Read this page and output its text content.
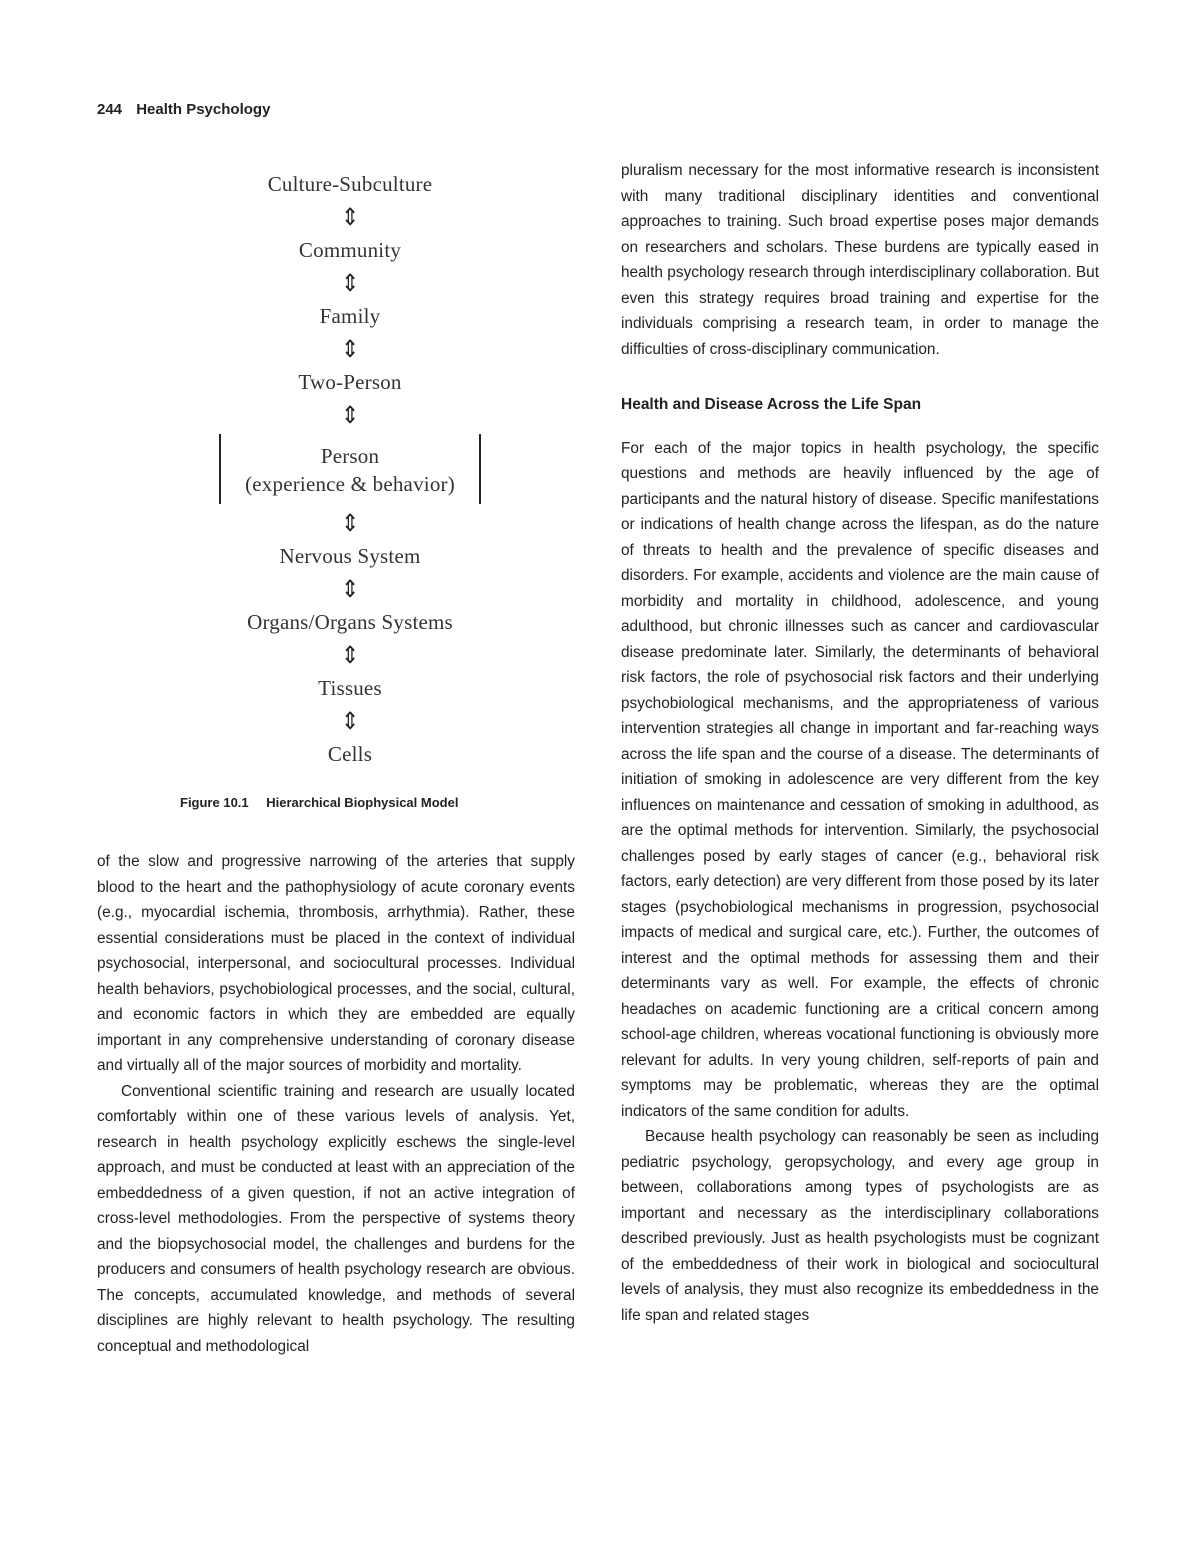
244 Health Psychology
Culture-Subculture
⇕
Community
⇕
Family
⇕
Two-Person
⇕
Person
(experience & behavior)
⇕
Nervous System
⇕
Organs/Organs Systems
⇕
Tissues
⇕
Cells
Figure 10.1 Hierarchical Biophysical Model

of the slow and progressive narrowing of the arteries that supply blood to the heart and the pathophysiology of acute coronary events (e.g., myocardial ischemia, thrombosis, arrhythmia). Rather, these essential considerations must be placed in the context of individual psychosocial, interpersonal, and sociocultural processes. Individual health behaviors, psychobiological processes, and the social, cultural, and economic factors in which they are embedded are equally important in any comprehensive understanding of coronary disease and virtually all of the major sources of morbidity and mortality.

Conventional scientific training and research are usually located comfortably within one of these various levels of analysis. Yet, research in health psychology explicitly eschews the single-level approach, and must be conducted at least with an appreciation of the embeddedness of a given question, if not an active integration of cross-level methodologies. From the perspective of systems theory and the biopsychosocial model, the challenges and burdens for the producers and consumers of health psychology research are obvious. The concepts, accumulated knowledge, and methods of several disciplines are highly relevant to health psychology. The resulting conceptual and methodological

pluralism necessary for the most informative research is inconsistent with many traditional disciplinary identities and conventional approaches to training. Such broad expertise poses major demands on researchers and scholars. These burdens are typically eased in health psychology research through interdisciplinary collaboration. But even this strategy requires broad training and expertise for the individuals comprising a research team, in order to manage the difficulties of cross-disciplinary communication.

Health and Disease Across the Life Span

For each of the major topics in health psychology, the specific questions and methods are heavily influenced by the age of participants and the natural history of disease. Specific manifestations or indications of health change across the lifespan, as do the nature of threats to health and the prevalence of specific diseases and disorders. For example, accidents and violence are the main cause of morbidity and mortality in childhood, adolescence, and young adulthood, but chronic illnesses such as cancer and cardiovascular disease predominate later. Similarly, the determinants of behavioral risk factors, the role of psychosocial risk factors and their underlying psychobiological mechanisms, and the appropriateness of various intervention strategies all change in important and far-reaching ways across the life span and the course of a disease. The determinants of initiation of smoking in adolescence are very different from the key influences on maintenance and cessation of smoking in adulthood, as are the optimal methods for intervention. Similarly, the psychosocial challenges posed by early stages of cancer (e.g., behavioral risk factors, early detection) are very different from those posed by its later stages (psychobiological mechanisms in progression, psychosocial impacts of medical and surgical care, etc.). Further, the outcomes of interest and the optimal methods for assessing them and their determinants vary as well. For example, the effects of chronic headaches on academic functioning are a critical concern among school-age children, whereas vocational functioning is obviously more relevant for adults. In very young children, self-reports of pain and symptoms may be problematic, whereas they are the optimal indicators of the same condition for adults.

Because health psychology can reasonably be seen as including pediatric psychology, geropsychology, and every age group in between, collaborations among types of psychologists are as important and necessary as the interdisciplinary collaborations described previously. Just as health psychologists must be cognizant of the embeddedness of their work in biological and sociocultural levels of analysis, they must also recognize its embeddedness in the life span and related stages
